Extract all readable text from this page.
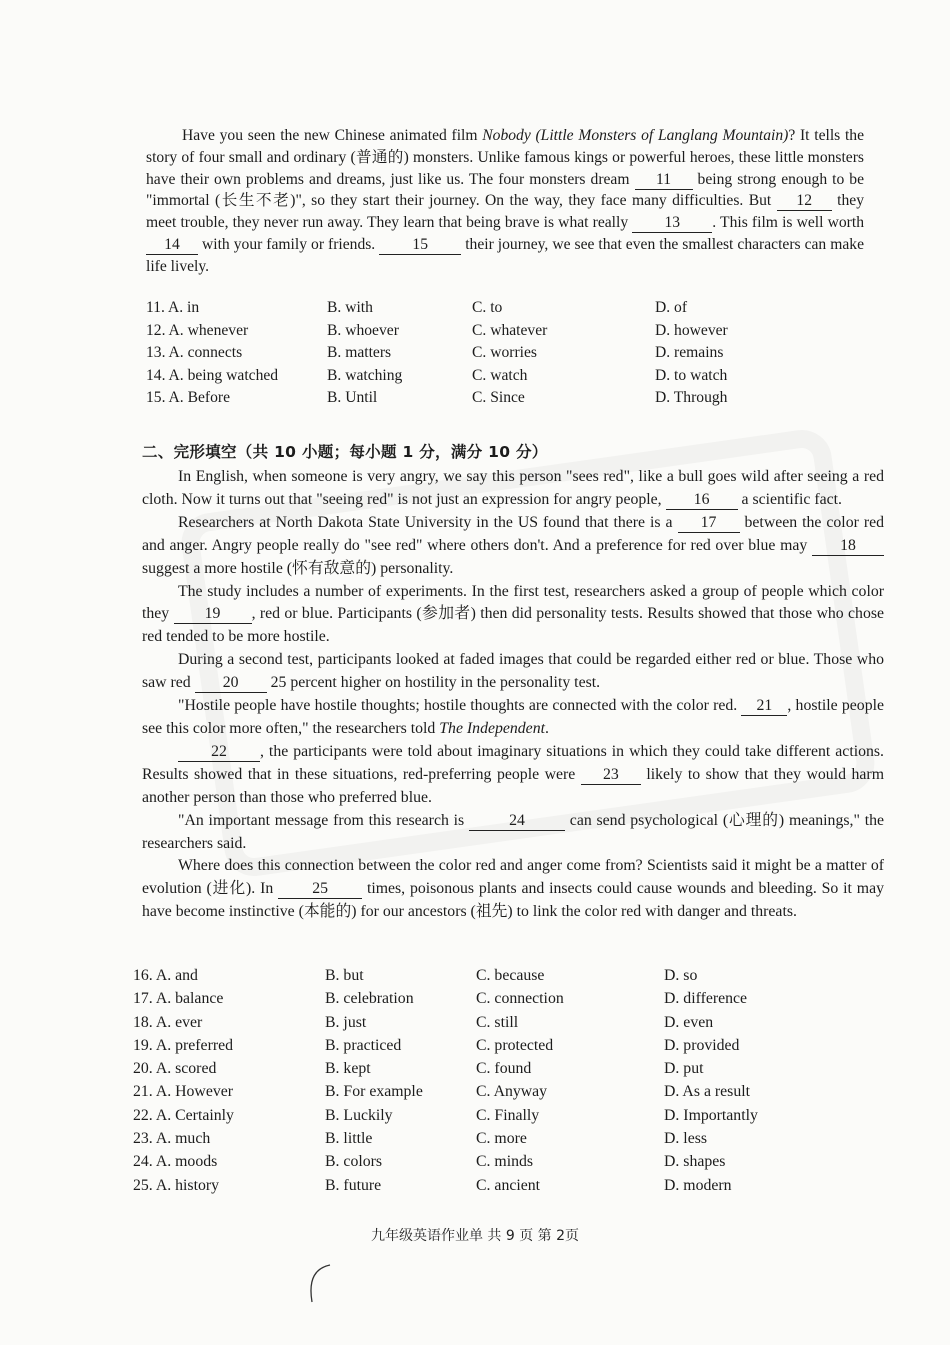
Have you seen the new Chinese animated film Nobody (Little Monsters of Langlang Mountain)? It tells the story of four small and ordinary (普通的) monsters. Unlike famous kings or powerful heroes, these little monsters have their own problems and dreams, just like us. The four monsters dream 11 being strong enough to be "immortal (长生不老)", so they start their journey. On the way, they face many difficulties. But 12 they meet trouble, they never run away. They learn that being brave is what really 13 . This film is well worth 14 with your family or friends. 15 their journey, we see that even the smallest characters can make life lively.

11. A. in	B. with	C. to	D. of
12. A. whenever	B. whoever	C. whatever	D. however
13. A. connects	B. matters	C. worries	D. remains
14. A. being watched	B. watching	C. watch	D. to watch
15. A. Before	B. Until	C. Since	D. Through
二、完形填空（共 10 小题；每小题 1 分，满分 10 分）

In English, when someone is very angry, we say this person "sees red", like a bull goes wild after seeing a red cloth. Now it turns out that "seeing red" is not just an expression for angry people, 16 a scientific fact.

Researchers at North Dakota State University in the US found that there is a 17 between the color red and anger. Angry people really do "see red" where others don't. And a preference for red over blue may 18 suggest a more hostile (怀有敌意的) personality.

The study includes a number of experiments. In the first test, researchers asked a group of people which color they 19 , red or blue. Participants (参加者) then did personality tests. Results showed that those who chose red tended to be more hostile.

During a second test, participants looked at faded images that could be regarded either red or blue. Those who saw red 20 25 percent higher on hostility in the personality test.

"Hostile people have hostile thoughts; hostile thoughts are connected with the color red. 21 , hostile people see this color more often," the researchers told The Independent.

22 , the participants were told about imaginary situations in which they could take different actions. Results showed that in these situations, red-preferring people were 23 likely to show that they would harm another person than those who preferred blue.

"An important message from this research is	24	can send psychological (心理的) meanings," the researchers said.

Where does this connection between the color red and anger come from? Scientists said it might be a matter of evolution (进化). In 25 times, poisonous plants and insects could cause wounds and bleeding. So it may have become instinctive (本能的) for our ancestors (祖先) to link the color red with danger and threats.

16. A. and	B. but	C. because	D. so
17. A. balance	B. celebration	C. connection	D. difference
18. A. ever	B. just	C. still	D. even
19. A. preferred	B. practiced	C. protected	D. provided
20. A. scored	B. kept	C. found	D. put
21. A. However	B. For example	C. Anyway	D. As a result
22. A. Certainly	B. Luckily	C. Finally	D. Importantly
23. A. much	B. little	C. more	D. less
24. A. moods	B. colors	C. minds	D. shapes
25. A. history	B. future	C. ancient	D. modern
九年级英语作业单 共 9 页 第 2页
